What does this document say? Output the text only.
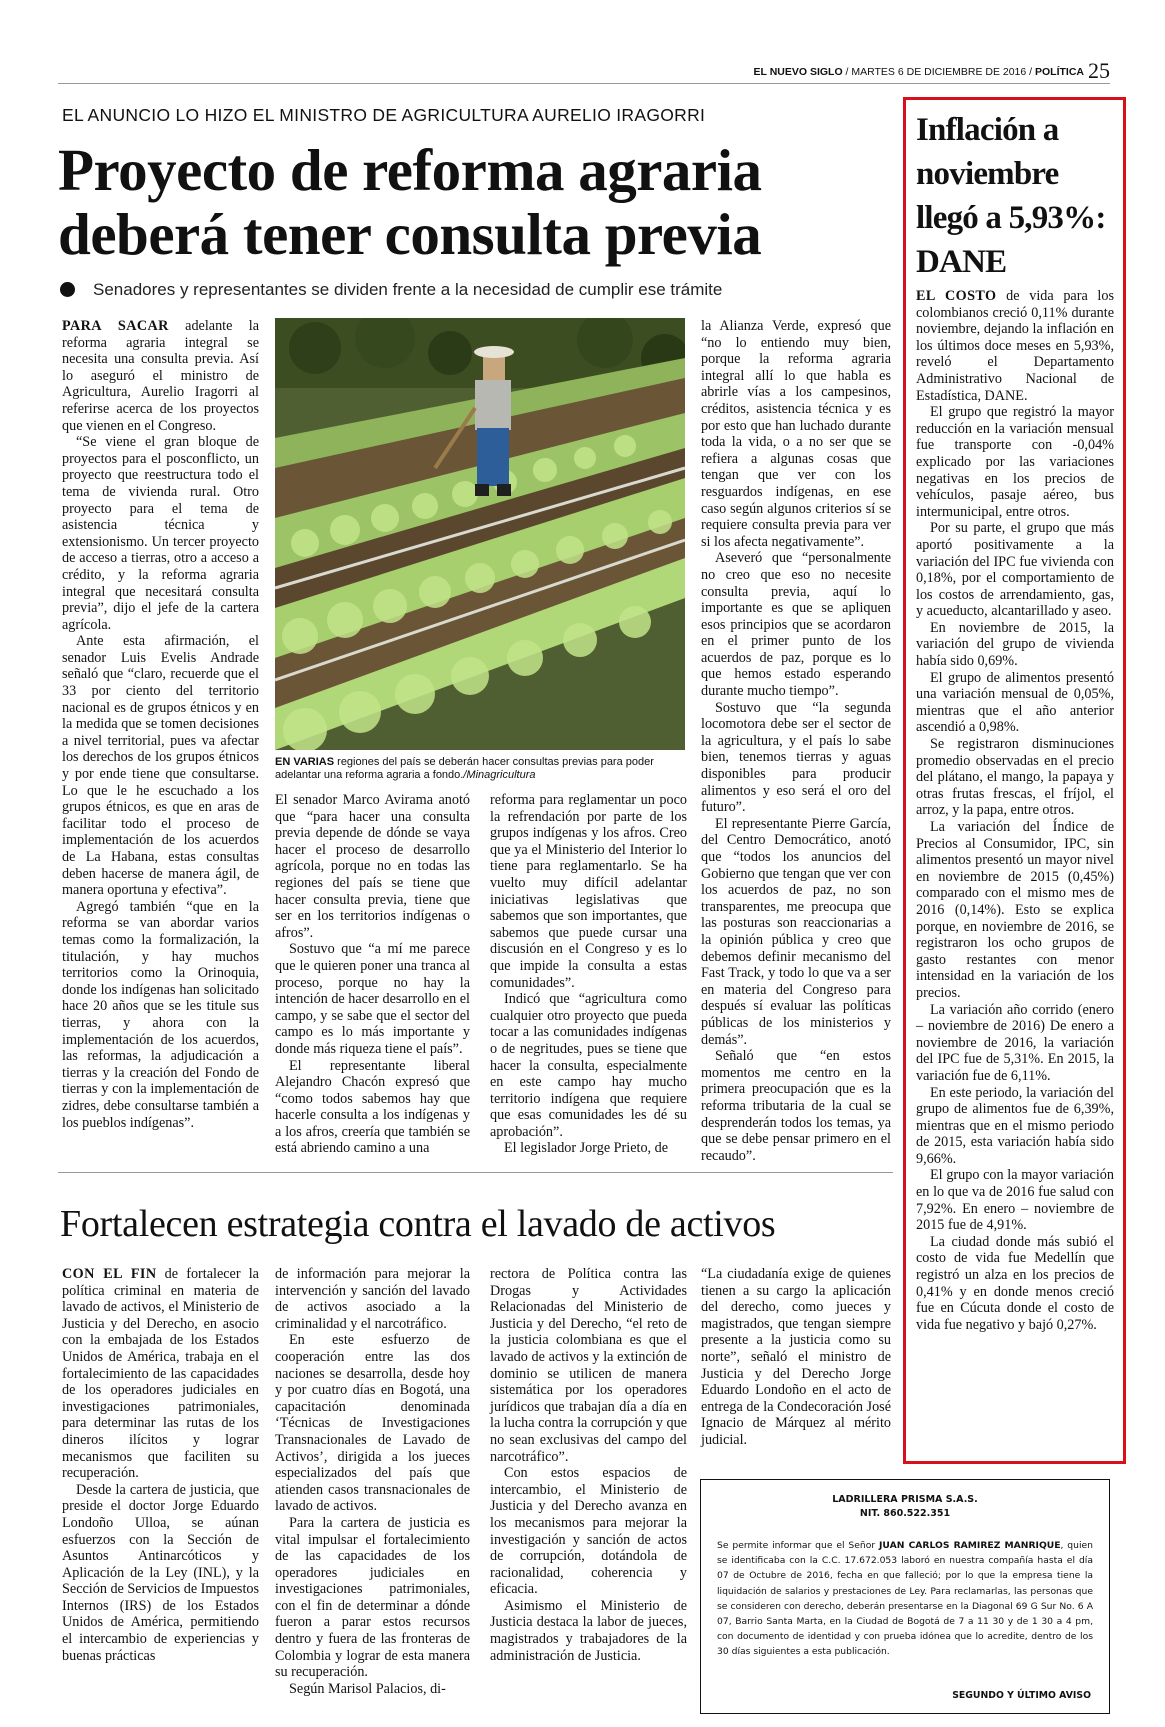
EL NUEVO SIGLO / MARTES 6 DE DICIEMBRE DE 2016 / POLÍTICA 25
EL ANUNCIO LO HIZO EL MINISTRO DE AGRICULTURA AURELIO IRAGORRI
Proyecto de reforma agraria deberá tener consulta previa
Senadores y representantes se dividen frente a la necesidad de cumplir ese trámite

PARA SACAR adelante la reforma agraria integral se necesita una consulta previa. Así lo aseguró el ministro de Agricultura, Aurelio Iragorri al referirse acerca de los proyectos que vienen en el Congreso.

“Se viene el gran bloque de proyectos para el posconflicto, un proyecto que reestructura todo el tema de vivienda rural. Otro proyecto para el tema de asistencia técnica y extensionismo. Un tercer proyecto de acceso a tierras, otro a acceso a crédito, y la reforma agraria integral que necesitará consulta previa”, dijo el jefe de la cartera agrícola.

Ante esta afirmación, el senador Luis Evelis Andrade señaló que “claro, recuerde que el 33 por ciento del territorio nacional es de grupos étnicos y en la medida que se tomen decisiones a nivel territorial, pues va afectar los derechos de los grupos étnicos y por ende tiene que consultarse. Lo que le he escuchado a los grupos étnicos, es que en aras de facilitar todo el proceso de implementación de los acuerdos de La Habana, estas consultas deben hacerse de manera ágil, de manera oportuna y efectiva”.

Agregó también “que en la reforma se van abordar varios temas como la formalización, la titulación, y hay muchos territorios como la Orinoquia, donde los indígenas han solicitado hace 20 años que se les titule sus tierras, y ahora con la implementación de los acuerdos, las reformas, la adjudicación a tierras y la creación del Fondo de tierras y con la implementación de zidres, debe consultarse también a los pueblos indígenas”.

EN VARIAS regiones del país se deberán hacer consultas previas para poder adelantar una reforma agraria a fondo./Minagricultura

El senador Marco Avirama anotó que “para hacer una consulta previa depende de dónde se vaya hacer el proceso de desarrollo agrícola, porque no en todas las regiones del país se tiene que hacer consulta previa, tiene que ser en los territorios indígenas o afros”.

Sostuvo que “a mí me parece que le quieren poner una tranca al proceso, porque no hay la intención de hacer desarrollo en el campo, y se sabe que el sector del campo es lo más importante y donde más riqueza tiene el país”.

El representante liberal Alejandro Chacón expresó que “como todos sabemos hay que hacerle consulta a los indígenas y a los afros, creería que también se está abriendo camino a una

reforma para reglamentar un poco la refrendación por parte de los grupos indígenas y los afros. Creo que ya el Ministerio del Interior lo tiene para reglamentarlo. Se ha vuelto muy difícil adelantar iniciativas legislativas que sabemos que son importantes, que sabemos que puede cursar una discusión en el Congreso y es lo que impide la consulta a estas comunidades”.

Indicó que “agricultura como cualquier otro proyecto que pueda tocar a las comunidades indígenas o de negritudes, pues se tiene que hacer la consulta, especialmente en este campo hay mucho territorio indígena que requiere que esas comunidades les dé su aprobación”.

El legislador Jorge Prieto, de

la Alianza Verde, expresó que “no lo entiendo muy bien, porque la reforma agraria integral allí lo que habla es abrirle vías a los campesinos, créditos, asistencia técnica y es por esto que han luchado durante toda la vida, o a no ser que se refiera a algunas cosas que tengan que ver con los resguardos indígenas, en ese caso según algunos criterios sí se requiere consulta previa para ver si los afecta negativamente”.

Aseveró que “personalmente no creo que eso no necesite consulta previa, aquí lo importante es que se apliquen esos principios que se acordaron en el primer punto de los acuerdos de paz, porque es lo que hemos estado esperando durante mucho tiempo”.

Sostuvo que “la segunda locomotora debe ser el sector de la agricultura, y el país lo sabe bien, tenemos tierras y aguas disponibles para producir alimentos y eso será el oro del futuro”.

El representante Pierre García, del Centro Democrático, anotó que “todos los anuncios del Gobierno que tengan que ver con los acuerdos de paz, no son transparentes, me preocupa que las posturas son reaccionarias a la opinión pública y creo que debemos definir mecanismo del Fast Track, y todo lo que va a ser en materia del Congreso para después sí evaluar las políticas públicas de los ministerios y demás”.

Señaló que “en estos momentos me centro en la primera preocupación que es la reforma tributaria de la cual se desprenderán todos los temas, ya que se debe pensar primero en el recaudo”.

Fortalecen estrategia contra el lavado de activos

CON EL FIN de fortalecer la política criminal en materia de lavado de activos, el Ministerio de Justicia y del Derecho, en asocio con la embajada de los Estados Unidos de América, trabaja en el fortalecimiento de las capacidades de los operadores judiciales en investigaciones patrimoniales, para determinar las rutas de los dineros ilícitos y lograr mecanismos que faciliten su recuperación.

Desde la cartera de justicia, que preside el doctor Jorge Eduardo Londoño Ulloa, se aúnan esfuerzos con la Sección de Asuntos Antinarcóticos y Aplicación de la Ley (INL), y la Sección de Servicios de Impuestos Internos (IRS) de los Estados Unidos de América, permitiendo el intercambio de experiencias y buenas prácticas

de información para mejorar la intervención y sanción del lavado de activos asociado a la criminalidad y el narcotráfico.

En este esfuerzo de cooperación entre las dos naciones se desarrolla, desde hoy y por cuatro días en Bogotá, una capacitación denominada ‘Técnicas de Investigaciones Transnacionales de Lavado de Activos’, dirigida a los jueces especializados del país que atienden casos transnacionales de lavado de activos.

Para la cartera de justicia es vital impulsar el fortalecimiento de las capacidades de los operadores judiciales en investigaciones patrimoniales, con el fin de determinar a dónde fueron a parar estos recursos dentro y fuera de las fronteras de Colombia y lograr de esta manera su recuperación.

Según Marisol Palacios, di-

rectora de Política contra las Drogas y Actividades Relacionadas del Ministerio de Justicia y del Derecho, “el reto de la justicia colombiana es que el lavado de activos y la extinción de dominio se utilicen de manera sistemática por los operadores jurídicos que trabajan día a día en la lucha contra la corrupción y que no sean exclusivas del campo del narcotráfico”.

Con estos espacios de intercambio, el Ministerio de Justicia y del Derecho avanza en los mecanismos para mejorar la investigación y sanción de actos de corrupción, dotándola de racionalidad, coherencia y eficacia.

Asimismo el Ministerio de Justicia destaca la labor de jueces, magistrados y trabajadores de la administración de Justicia.

“La ciudadanía exige de quienes tienen a su cargo la aplicación del derecho, como jueces y magistrados, que tengan siempre presente a la justicia como su norte”, señaló el ministro de Justicia y del Derecho Jorge Eduardo Londoño en el acto de entrega de la Condecoración José Ignacio de Márquez al mérito judicial.

Inflación a noviembre llegó a 5,93%: DANE

EL COSTO de vida para los colombianos creció 0,11% durante noviembre, dejando la inflación en los últimos doce meses en 5,93%, reveló el Departamento Administrativo Nacional de Estadística, DANE.

El grupo que registró la mayor reducción en la variación mensual fue transporte con -0,04% explicado por las variaciones negativas en los precios de vehículos, pasaje aéreo, bus intermunicipal, entre otros.

Por su parte, el grupo que más aportó positivamente a la variación del IPC fue vivienda con 0,18%, por el comportamiento de los costos de arrendamiento, gas, y acueducto, alcantarillado y aseo.

En noviembre de 2015, la variación del grupo de vivienda había sido 0,69%.

El grupo de alimentos presentó una variación mensual de 0,05%, mientras que el año anterior ascendió a 0,98%.

Se registraron disminuciones promedio observadas en el precio del plátano, el mango, la papaya y otras frutas frescas, el fríjol, el arroz, y la papa, entre otros.

La variación del Índice de Precios al Consumidor, IPC, sin alimentos presentó un mayor nivel en noviembre de 2015 (0,45%) comparado con el mismo mes de 2016 (0,14%). Esto se explica porque, en noviembre de 2016, se registraron los ocho grupos de gasto restantes con menor intensidad en la variación de los precios.

La variación año corrido (enero – noviembre de 2016) De enero a noviembre de 2016, la variación del IPC fue de 5,31%. En 2015, la variación fue de 6,11%.

En este periodo, la variación del grupo de alimentos fue de 6,39%, mientras que en el mismo periodo de 2015, esta variación había sido 9,66%.

El grupo con la mayor variación en lo que va de 2016 fue salud con 7,92%. En enero – noviembre de 2015 fue de 4,91%.

La ciudad donde más subió el costo de vida fue Medellín que registró un alza en los precios de 0,41% y en donde menos creció fue en Cúcuta donde el costo de vida fue negativo y bajó 0,27%.

LADRILLERA PRISMA S.A.S.
NIT. 860.522.351
Se permite informar que el Señor JUAN CARLOS RAMIREZ MANRIQUE, quien se identificaba con la C.C. 17.672.053 laboró en nuestra compañía hasta el día 07 de Octubre de 2016, fecha en que falleció; por lo que la empresa tiene la liquidación de salarios y prestaciones de Ley. Para reclamarlas, las personas que se consideren con derecho, deberán presentarse en la Diagonal 69 G Sur No. 6 A 07, Barrio Santa Marta, en la Ciudad de Bogotá de 7 a 11 30 y de 1 30 a 4 pm, con documento de identidad y con prueba idónea que lo acredite, dentro de los 30 días siguientes a esta publicación.
SEGUNDO Y ÚLTIMO AVISO
